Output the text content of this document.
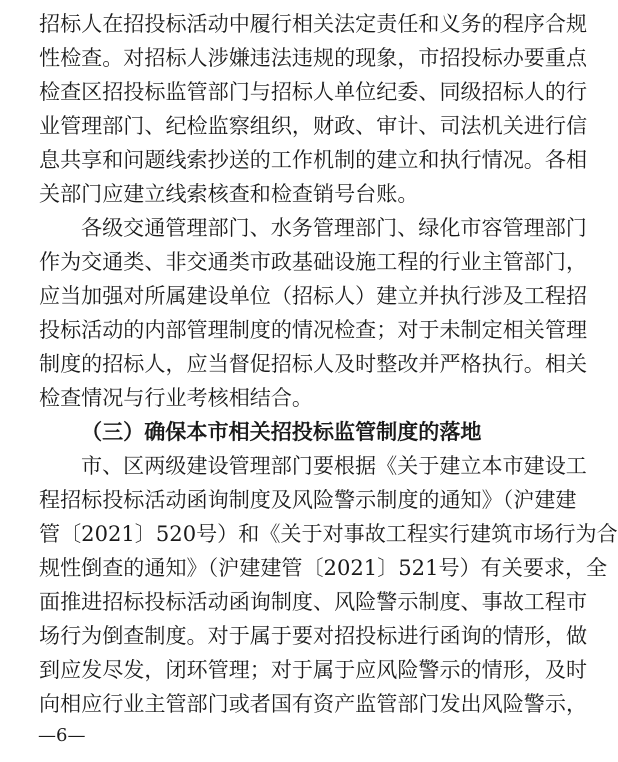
招标人在招投标活动中履行相关法定责任和义务的程序合规
性检查。对招标人涉嫌违法违规的现象，市招投标办要重点
检查区招投标监管部门与招标人单位纪委、同级招标人的行
业管理部门、纪检监察组织，财政、审计、司法机关进行信
息共享和问题线索抄送的工作机制的建立和执行情况。各相
关部门应建立线索核查和检查销号台账。
各级交通管理部门、水务管理部门、绿化市容管理部门
作为交通类、非交通类市政基础设施工程的行业主管部门，
应当加强对所属建设单位（招标人）建立并执行涉及工程招
投标活动的内部管理制度的情况检查；对于未制定相关管理
制度的招标人，应当督促招标人及时整改并严格执行。相关
检查情况与行业考核相结合。
（三）确保本市相关招投标监管制度的落地
市、区两级建设管理部门要根据《关于建立本市建设工
程招标投标活动函询制度及风险警示制度的通知》（沪建建
管〔2021〕520号）和《关于对事故工程实行建筑市场行为合
规性倒查的通知》（沪建建管〔2021〕521号）有关要求，全
面推进招标投标活动函询制度、风险警示制度、事故工程市
场行为倒查制度。对于属于要对招投标进行函询的情形，做
到应发尽发，闭环管理；对于属于应风险警示的情形，及时
向相应行业主管部门或者国有资产监管部门发出风险警示，
—6—
